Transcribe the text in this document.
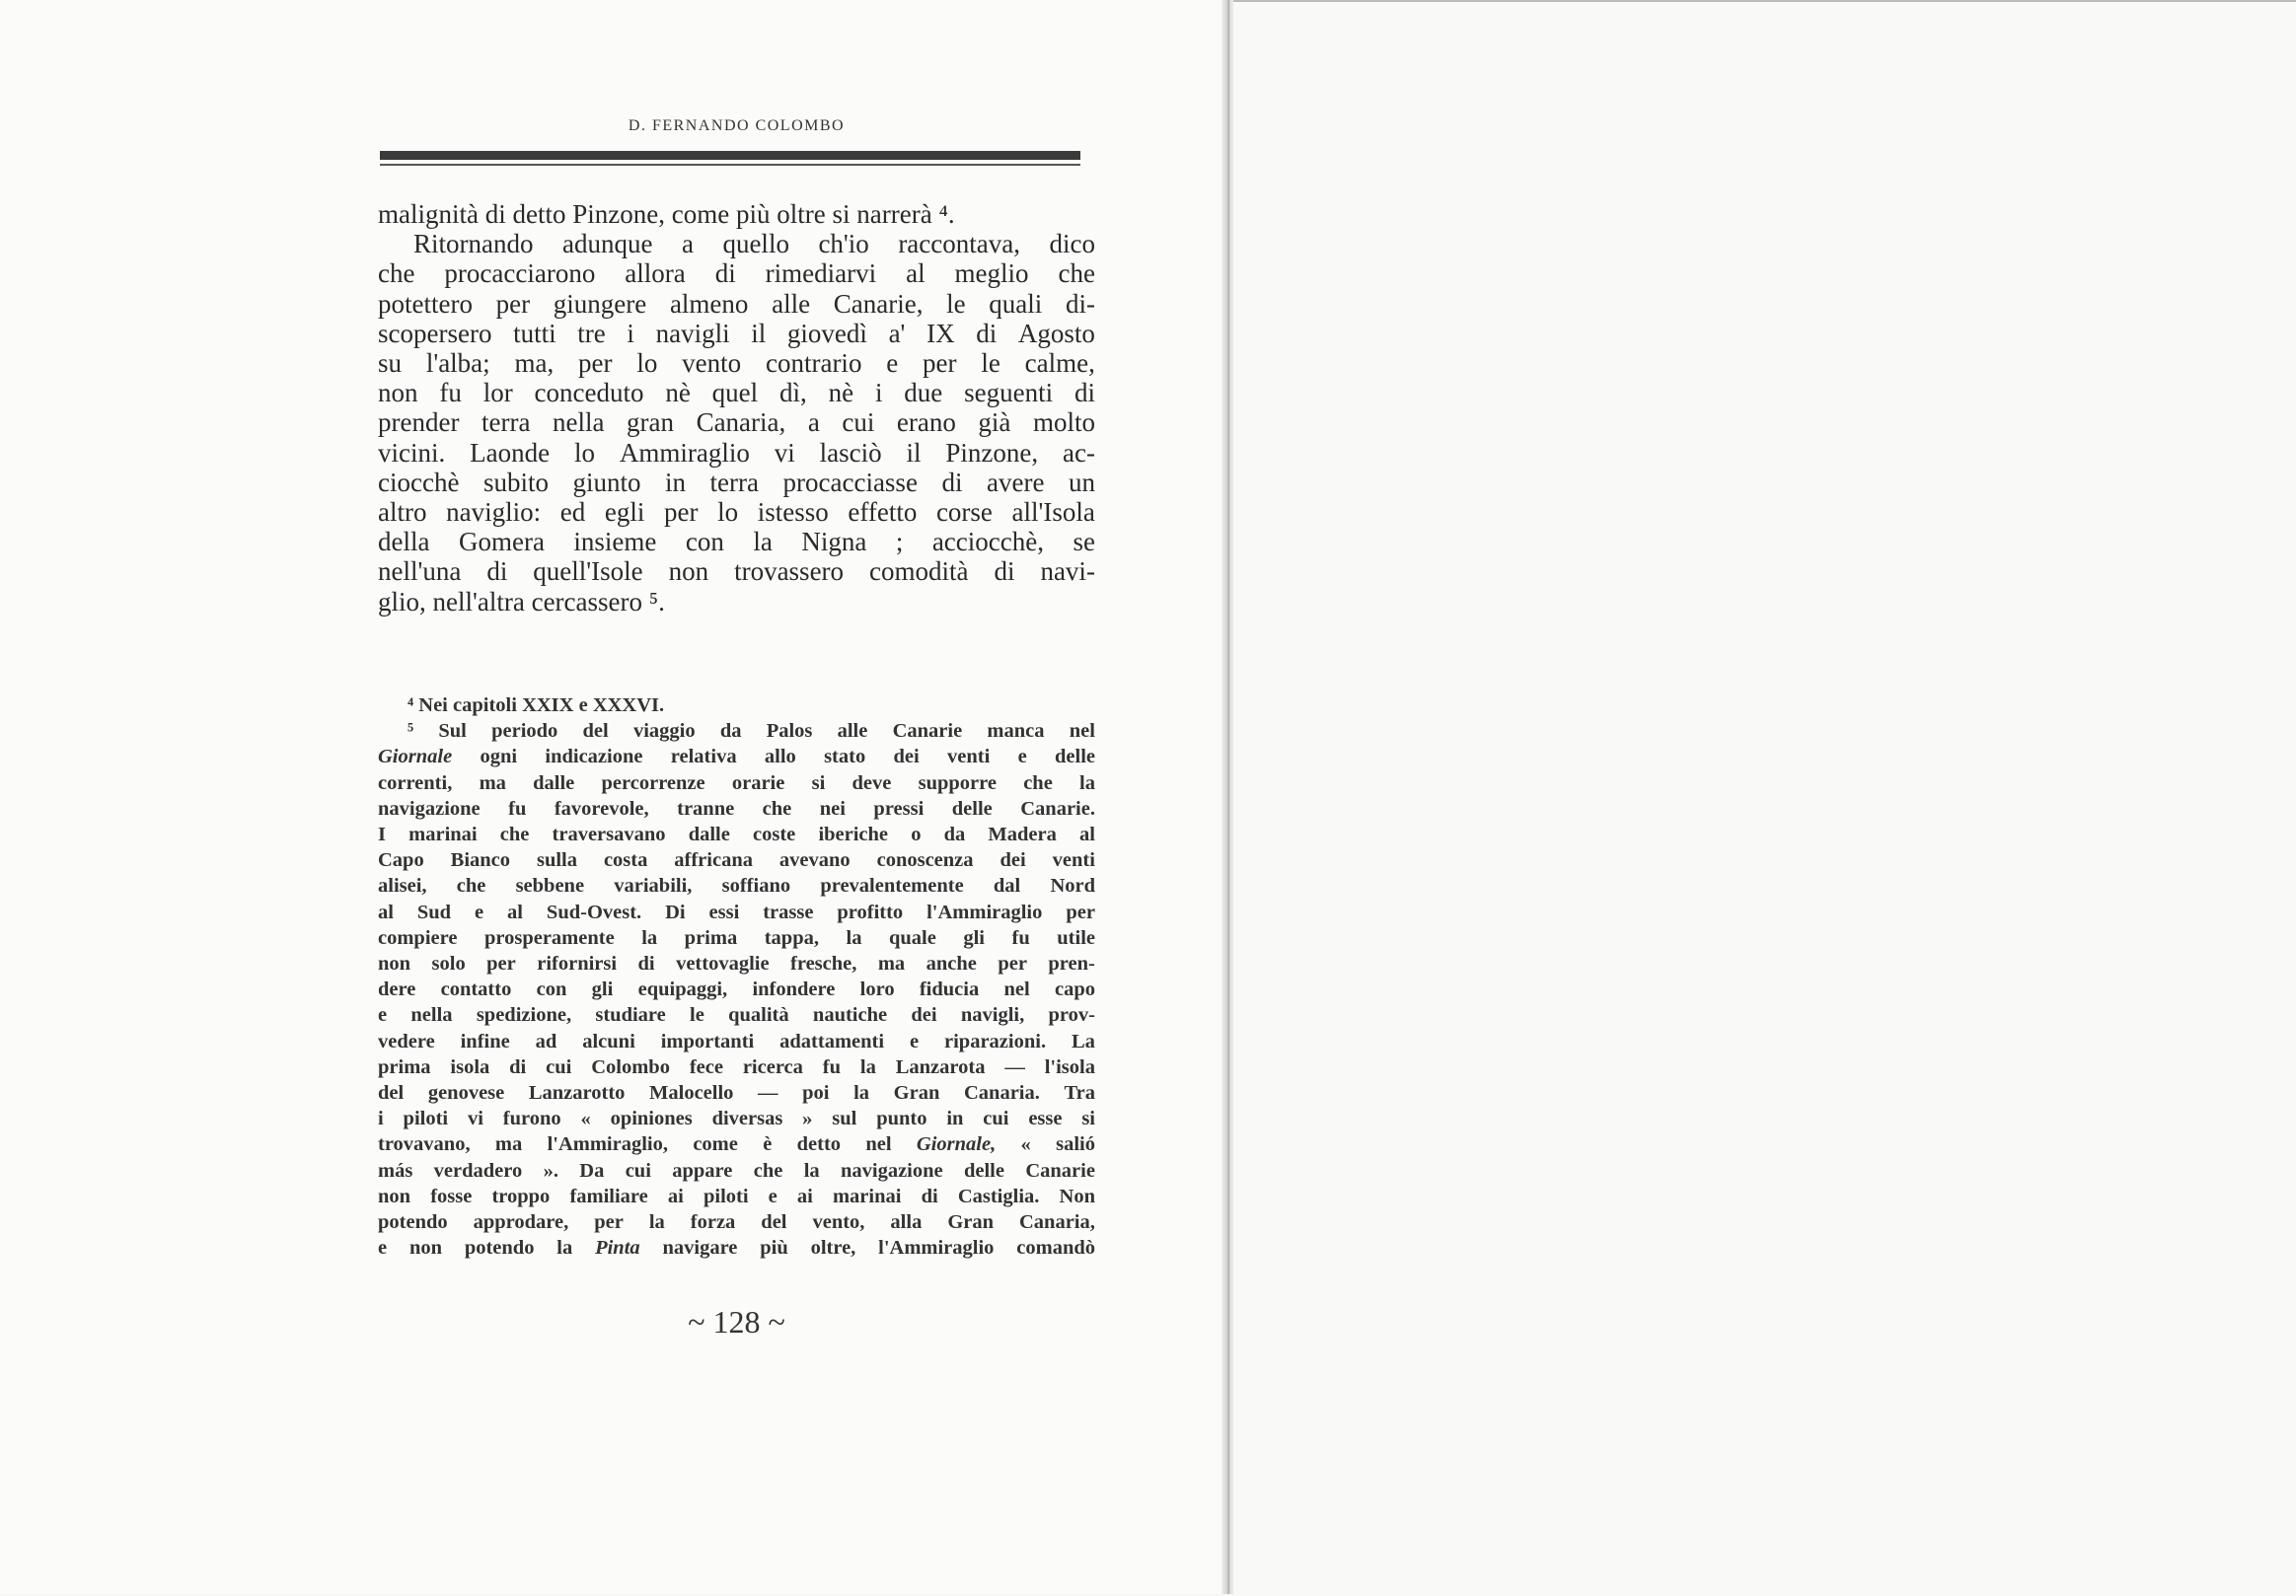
D. FERNANDO COLOMBO
malignità di detto Pinzone, come più oltre si narrerà ⁴.
Ritornando adunque a quello ch'io raccontava, dico
che procacciarono allora di rimediarvi al meglio che
potettero per giungere almeno alle Canarie, le quali di-
scopersero tutti tre i navigli il giovedì a' IX di Agosto
su l'alba; ma, per lo vento contrario e per le calme,
non fu lor conceduto nè quel dì, nè i due seguenti di
prender terra nella gran Canaria, a cui erano già molto
vicini. Laonde lo Ammiraglio vi lasciò il Pinzone, ac-
ciocchè subito giunto in terra procacciasse di avere un
altro naviglio: ed egli per lo istesso effetto corse all'Isola
della Gomera insieme con la Nigna ; acciocchè, se
nell'una di quell'Isole non trovassero comodità di navi-
glio, nell'altra cercassero ⁵.
⁴ Nei capitoli XXIX e XXXVI.
⁵ Sul periodo del viaggio da Palos alle Canarie manca nel
Giornale ogni indicazione relativa allo stato dei venti e delle
correnti, ma dalle percorrenze orarie si deve supporre che la
navigazione fu favorevole, tranne che nei pressi delle Canarie.
I marinai che traversavano dalle coste iberiche o da Madera al
Capo Bianco sulla costa affricana avevano conoscenza dei venti
alisei, che sebbene variabili, soffiano prevalentemente dal Nord
al Sud e al Sud-Ovest. Di essi trasse profitto l'Ammiraglio per
compiere prosperamente la prima tappa, la quale gli fu utile
non solo per rifornirsi di vettovaglie fresche, ma anche per pren-
dere contatto con gli equipaggi, infondere loro fiducia nel capo
e nella spedizione, studiare le qualità nautiche dei navigli, prov-
vedere infine ad alcuni importanti adattamenti e riparazioni. La
prima isola di cui Colombo fece ricerca fu la Lanzarota — l'isola
del genovese Lanzarotto Malocello — poi la Gran Canaria. Tra
i piloti vi furono « opiniones diversas » sul punto in cui esse si
trovavano, ma l'Ammiraglio, come è detto nel Giornale, « salió
más verdadero ». Da cui appare che la navigazione delle Canarie
non fosse troppo familiare ai piloti e ai marinai di Castiglia. Non
potendo approdare, per la forza del vento, alla Gran Canaria,
e non potendo la Pinta navigare più oltre, l'Ammiraglio comandò
~ 128 ~
